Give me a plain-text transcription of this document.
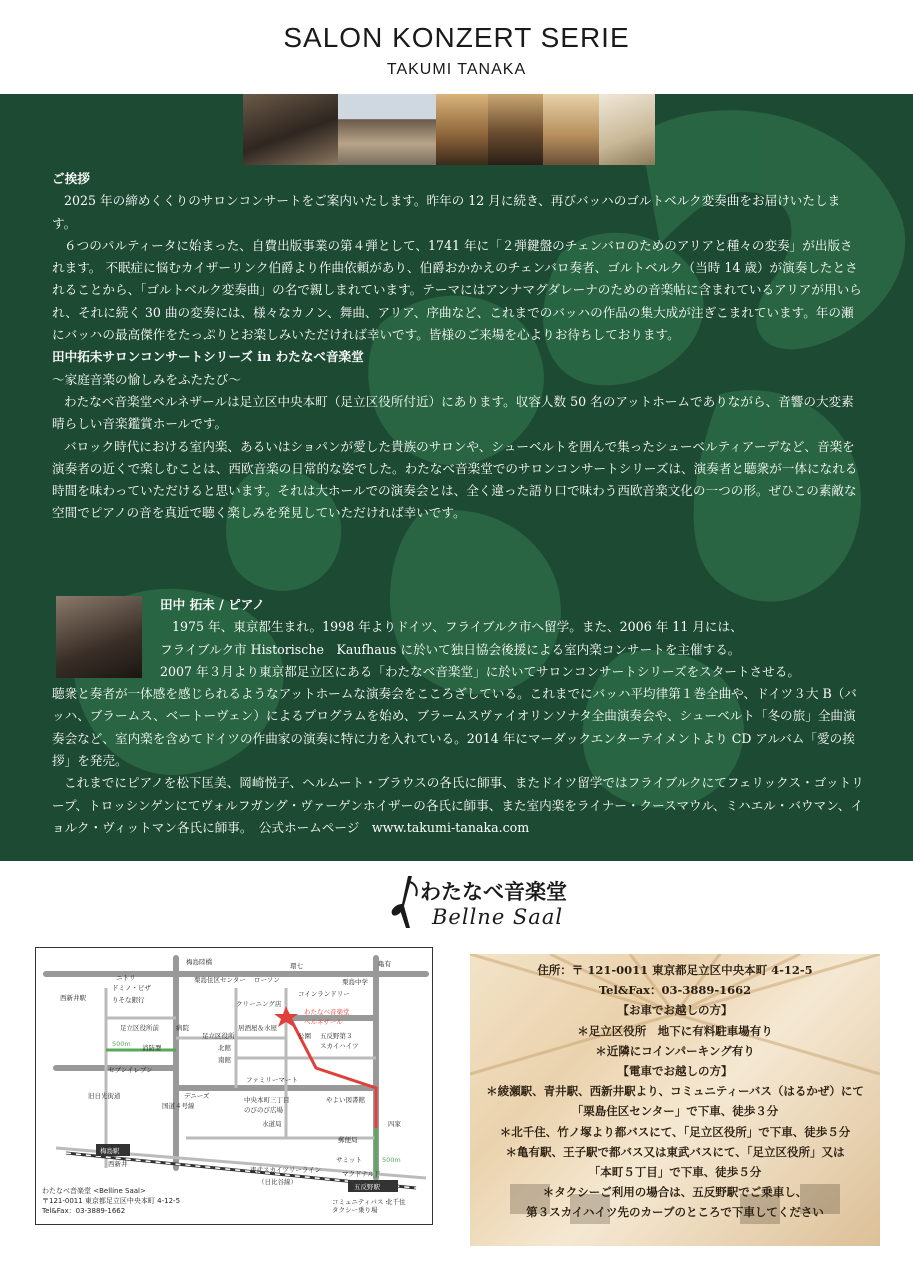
SALON KONZERT SERIE
TAKUMI TANAKA

ご挨拶

2025 年の締めくくりのサロンコンサートをご案内いたします。昨年の 12 月に続き、再びバッハのゴルトベルク変奏曲をお届けいたします。

６つのパルティータに始まった、自費出版事業の第４弾として、1741 年に「２弾鍵盤のチェンバロのためのアリアと種々の変奏」が出版されます。 不眠症に悩むカイザーリンク伯爵より作曲依頼があり、伯爵おかかえのチェンバロ奏者、ゴルトベルク（当時 14 歳）が演奏したとされることから、「ゴルトベルク変奏曲」の名で親しまれています。テーマにはアンナマグダレーナのための音楽帖に含まれているアリアが用いられ、それに続く 30 曲の変奏には、様々なカノン、舞曲、アリア、序曲など、これまでのバッハの作品の集大成が注ぎこまれています。年の瀬にバッハの最高傑作をたっぷりとお楽しみいただければ幸いです。皆様のご来場を心よりお待ちしております。

田中拓未サロンコンサートシリーズ in わたなべ音楽堂

〜家庭音楽の愉しみをふたたび〜

わたなべ音楽堂ベルネザールは足立区中央本町（足立区役所付近）にあります。収容人数 50 名のアットホームでありながら、音響の大変素晴らしい音楽鑑賞ホールです。

バロック時代における室内楽、あるいはショパンが愛した貴族のサロンや、シューベルトを囲んで集ったシューベルティアーデなど、音楽を演奏者の近くで楽しむことは、西欧音楽の日常的な姿でした。わたなべ音楽堂でのサロンコンサートシリーズは、演奏者と聴衆が一体になれる時間を味わっていただけると思います。それは大ホールでの演奏会とは、全く違った語り口で味わう西欧音楽文化の一つの形。ぜひこの素敵な空間でピアノの音を真近で聴く楽しみを発見していただければ幸いです。

田中 拓未 / ピアノ

1975 年、東京都生まれ。1998 年よりドイツ、フライブルク市へ留学。また、2006 年 11 月には、

フライブルク市 Historische　Kaufhaus に於いて独日協会後援による室内楽コンサートを主催する。

2007 年３月より東京都足立区にある「わたなべ音楽堂」に於いてサロンコンサートシリーズをスタートさせる。

聴衆と奏者が一体感を感じられるようなアットホームな演奏会をこころざしている。これまでにバッハ平均律第１巻全曲や、ドイツ３大 B（バッハ、ブラームス、ベートーヴェン）によるプログラムを始め、ブラームスヴァイオリンソナタ全曲演奏会や、シューベルト「冬の旅」全曲演奏会など、室内楽を含めてドイツの作曲家の演奏に特に力を入れている。2014 年にマーダックエンターテイメントより CD アルバム「愛の挨拶」を発売。

これまでにピアノを松下匡美、岡崎悦子、ヘルムート・ブラウスの各氏に師事、またドイツ留学ではフライブルクにてフェリックス・ゴットリープ、トロッシンゲンにてヴォルフガング・ヴァーゲンホイザーの各氏に師事、また室内楽をライナー・クースマウル、ミハエル・バウマン、イョルク・ヴィットマン各氏に師事。　公式ホームページ　www.takumi-tanaka.com

わたなべ音楽堂
Bellne Saal
梅島陸橋	環七
ニトリ
ドミノ・ピザ
りそな銀行
西新井駅
栗島住区センター ローソン
クリーニング店
コインランドリー
栗島中学
亀有
足立区役所前	病院
足立区役所
居酒屋＆水屋
北館
南館
消防署
セブンイレブン
わたなべ音楽堂
ベルネザール
公園 五反野第３
スカイハイツ
ファミリーマート
デニーズ	中央本町三丁目
のびのび広場
やよい図書館
水道局
郵便局
四家
サミット
マクドナルド
国道４号線
旧日光街道
梅島駅
西新井
東武スカイツリーライン
（日比谷線）
五反野駅
北千住
500m
500m
コミュニティバス・
タクシー乗り場
わたなべ音楽堂 <Belline Saal>
〒121-0011 東京都足立区中央本町 4-12-5
Tel&Fax：03-3889-1662
住所：〒 121-0011 東京都足立区中央本町 4-12-5
Tel&Fax：03-3889-1662
【お車でお越しの方】
＊足立区役所　地下に有料駐車場有り
＊近隣にコインパーキング有り
【電車でお越しの方】
＊綾瀬駅、青井駅、西新井駅より、コミュニティーバス（はるかぜ）にて
「栗島住区センター」で下車、徒歩３分
＊北千住、竹ノ塚より都バスにて、「足立区役所」で下車、徒歩５分
＊亀有駅、王子駅で都バス又は東武バスにて、「足立区役所」又は
「本町５丁目」で下車、徒歩５分
＊タクシーご利用の場合は、五反野駅でご乗車し、
第３スカイハイツ先のカーブのところで下車してください
